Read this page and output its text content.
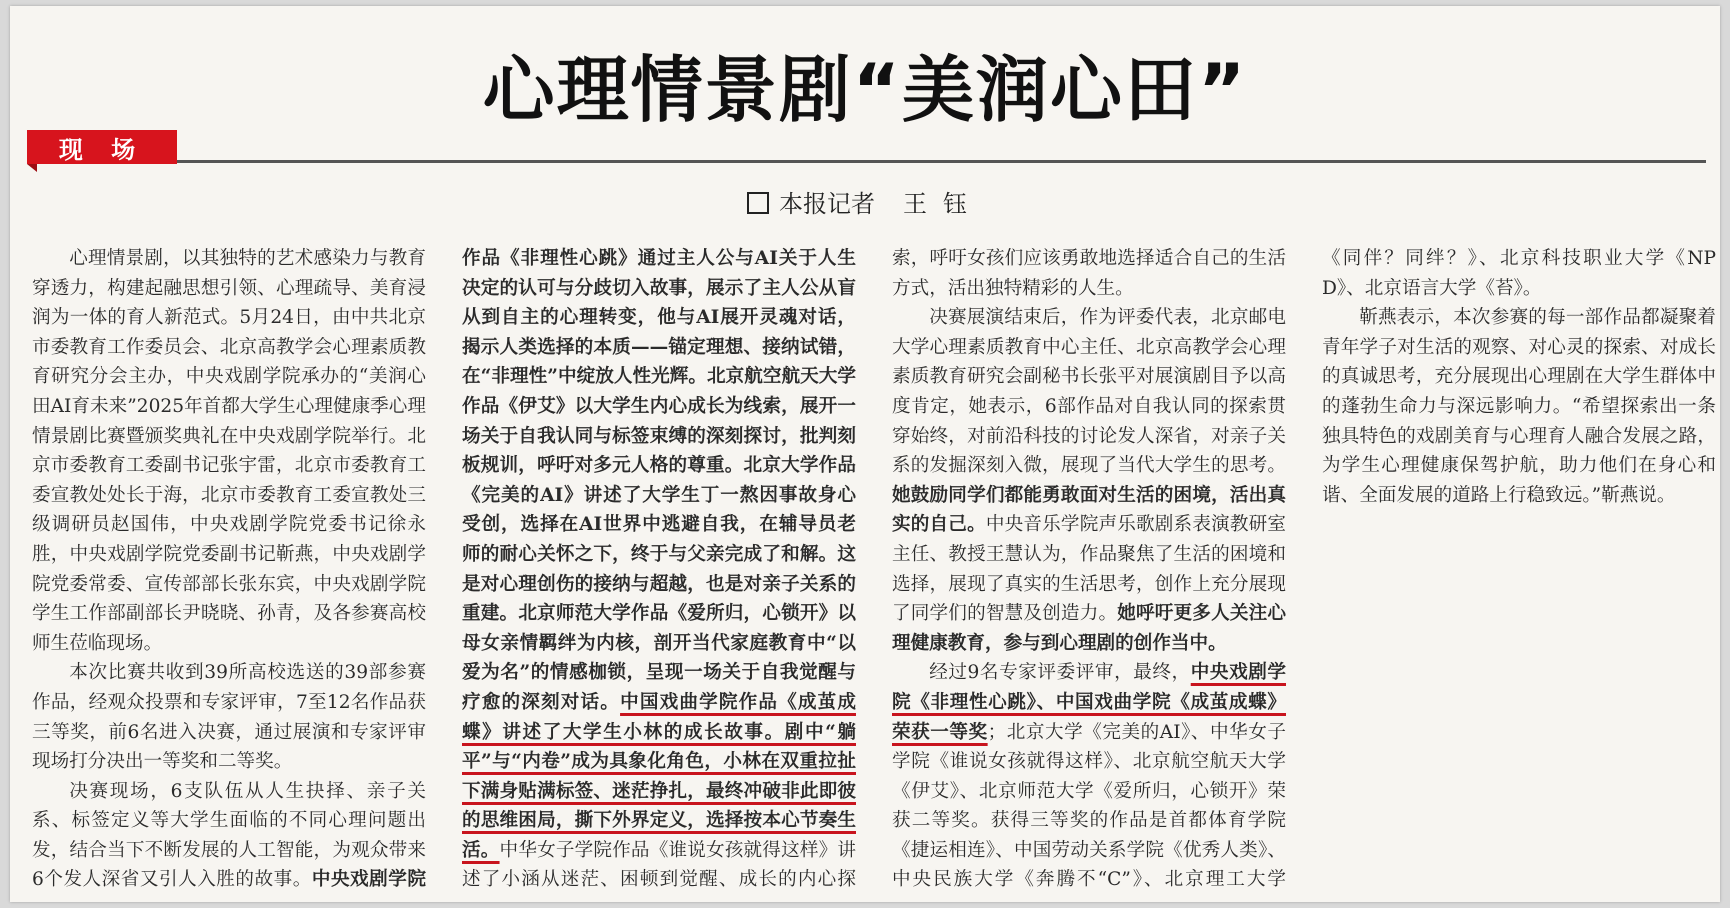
心理情景剧“美润心田”
现 场
本报记者 王钰

心理情景剧，以其独特的艺术感染力与教育穿透力，构建起融思想引领、心理疏导、美育浸润为一体的育人新范式。5月24日，由中共北京市委教育工作委员会、北京高教学会心理素质教育研究分会主办，中央戏剧学院承办的“美润心田AI育未来”2025年首都大学生心理健康季心理情景剧比赛暨颁奖典礼在中央戏剧学院举行。北京市委教育工委副书记张宇雷，北京市委教育工委宣教处处长于海，北京市委教育工委宣教处三级调研员赵国伟，中央戏剧学院党委书记徐永胜，中央戏剧学院党委副书记靳燕，中央戏剧学院党委常委、宣传部部长张东宾，中央戏剧学院学生工作部副部长尹晓晓、孙青，及各参赛高校师生莅临现场。

本次比赛共收到39所高校选送的39部参赛作品，经观众投票和专家评审，7至12名作品获三等奖，前6名进入决赛，通过展演和专家评审现场打分决出一等奖和二等奖。

决赛现场，6支队伍从人生抉择、亲子关系、标签定义等大学生面临的不同心理问题出发，结合当下不断发展的人工智能，为观众带来6个发人深省又引人入胜的故事。中央戏剧学院作品《非理性心跳》通过主人公与AI关于人生决定的认可与分歧切入故事，展示了主人公从盲从到自主的心理转变，他与AI展开灵魂对话，揭示人类选择的本质——锚定理想、接纳试错，在“非理性”中绽放人性光辉。北京航空航天大学作品《伊艾》以大学生内心成长为线索，展开一场关于自我认同与标签束缚的深刻探讨，批判刻板规训，呼吁对多元人格的尊重。北京大学作品《完美的AI》讲述了大学生丁一熬因事故身心受创，选择在AI世界中逃避自我，在辅导员老师的耐心关怀之下，终于与父亲完成了和解。这是对心理创伤的接纳与超越，也是对亲子关系的重建。北京师范大学作品《爱所归，心锁开》以母女亲情羁绊为内核，剖开当代家庭教育中“以爱为名”的情感枷锁，呈现一场关于自我觉醒与疗愈的深刻对话。中国戏曲学院作品《成茧成蝶》讲述了大学生小林的成长故事。剧中“躺平”与“内卷”成为具象化角色，小林在双重拉扯下满身贴满标签、迷茫挣扎，最终冲破非此即彼的思维困局，撕下外界定义，选择按本心节奏生活。中华女子学院作品《谁说女孩就得这样》讲述了小涵从迷茫、困顿到觉醒、成长的内心探索，呼吁女孩们应该勇敢地选择适合自己的生活方式，活出独特精彩的人生。

决赛展演结束后，作为评委代表，北京邮电大学心理素质教育中心主任、北京高教学会心理素质教育研究会副秘书长张平对展演剧目予以高度肯定，她表示，6部作品对自我认同的探索贯穿始终，对前沿科技的讨论发人深省，对亲子关系的发掘深刻入微，展现了当代大学生的思考。她鼓励同学们都能勇敢面对生活的困境，活出真实的自己。中央音乐学院声乐歌剧系表演教研室主任、教授王慧认为，作品聚焦了生活的困境和选择，展现了真实的生活思考，创作上充分展现了同学们的智慧及创造力。她呼吁更多人关注心理健康教育，参与到心理剧的创作当中。

经过9名专家评委评审，最终，中央戏剧学院《非理性心跳》、中国戏曲学院《成茧成蝶》荣获一等奖；北京大学《完美的AI》、中华女子学院《谁说女孩就得这样》、北京航空航天大学《伊艾》、北京师范大学《爱所归，心锁开》荣获二等奖。获得三等奖的作品是首都体育学院《捷运相连》、中国劳动关系学院《优秀人类》、中央民族大学《奔腾不“C”》、北京理工大学《同伴？同绊？》、北京科技职业大学《NPD》、北京语言大学《苔》。

靳燕表示，本次参赛的每一部作品都凝聚着青年学子对生活的观察、对心灵的探索、对成长的真诚思考，充分展现出心理剧在大学生群体中的蓬勃生命力与深远影响力。“希望探索出一条独具特色的戏剧美育与心理育人融合发展之路，为学生心理健康保驾护航，助力他们在身心和谐、全面发展的道路上行稳致远。”靳燕说。
